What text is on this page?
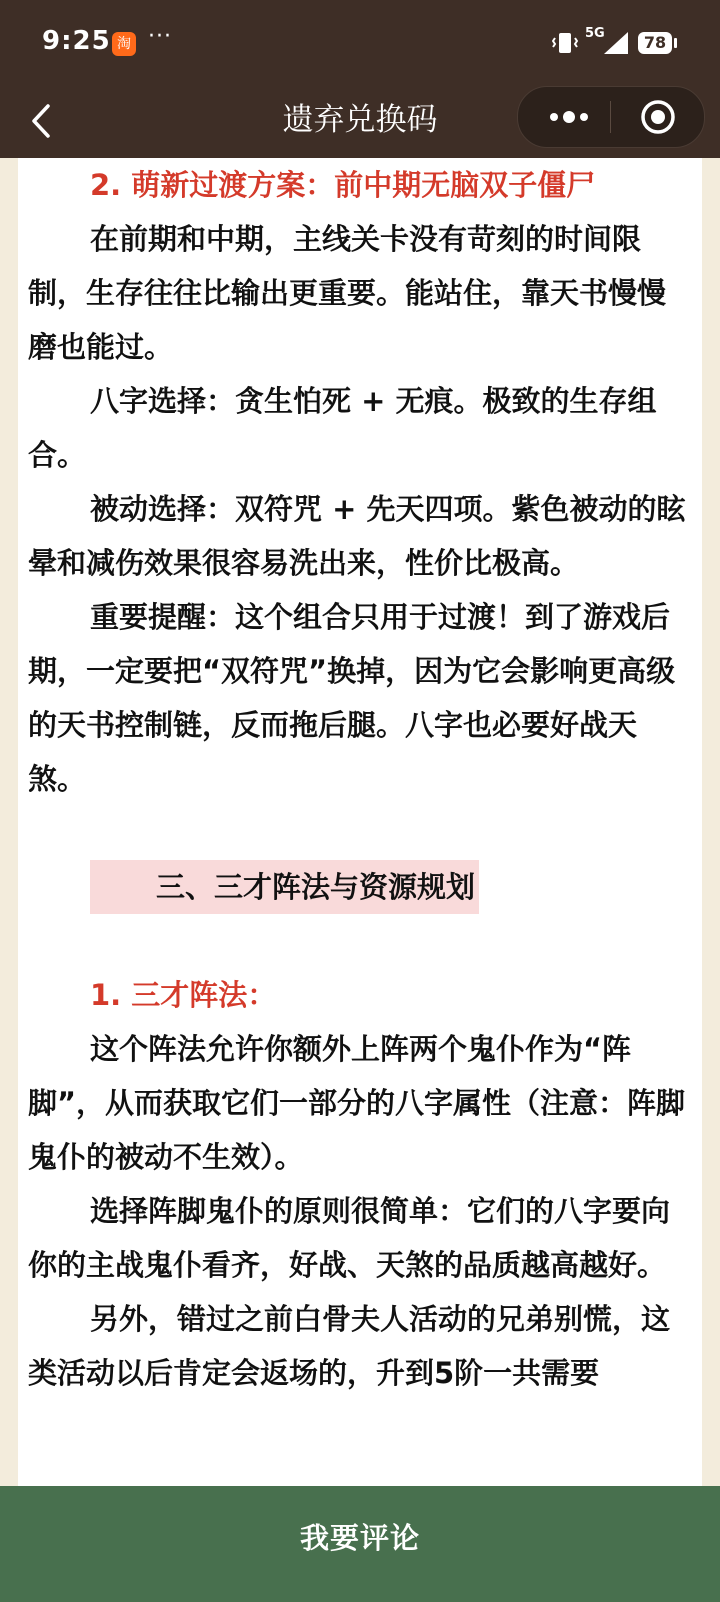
9:25 淘 ···	5G	78
遗弃兑换码

2. 萌新过渡方案：前中期无脑双子僵尸

在前期和中期，主线关卡没有苛刻的时间限制，生存往往比输出更重要。能站住，靠天书慢慢磨也能过。

八字选择：贪生怕死 + 无痕。极致的生存组合。

被动选择：双符咒 + 先天四项。紫色被动的眩晕和减伤效果很容易洗出来，性价比极高。

重要提醒：这个组合只用于过渡！到了游戏后期，一定要把“双符咒”换掉，因为它会影响更高级的天书控制链，反而拖后腿。八字也必要好战天煞。

三、三才阵法与资源规划

1. 三才阵法：

这个阵法允许你额外上阵两个鬼仆作为“阵脚”，从而获取它们一部分的八字属性（注意：阵脚鬼仆的被动不生效）。

选择阵脚鬼仆的原则很简单：它们的八字要向你的主战鬼仆看齐，好战、天煞的品质越高越好。

另外，错过之前白骨夫人活动的兄弟别慌，这类活动以后肯定会返场的，升到5阶一共需要

我要评论
